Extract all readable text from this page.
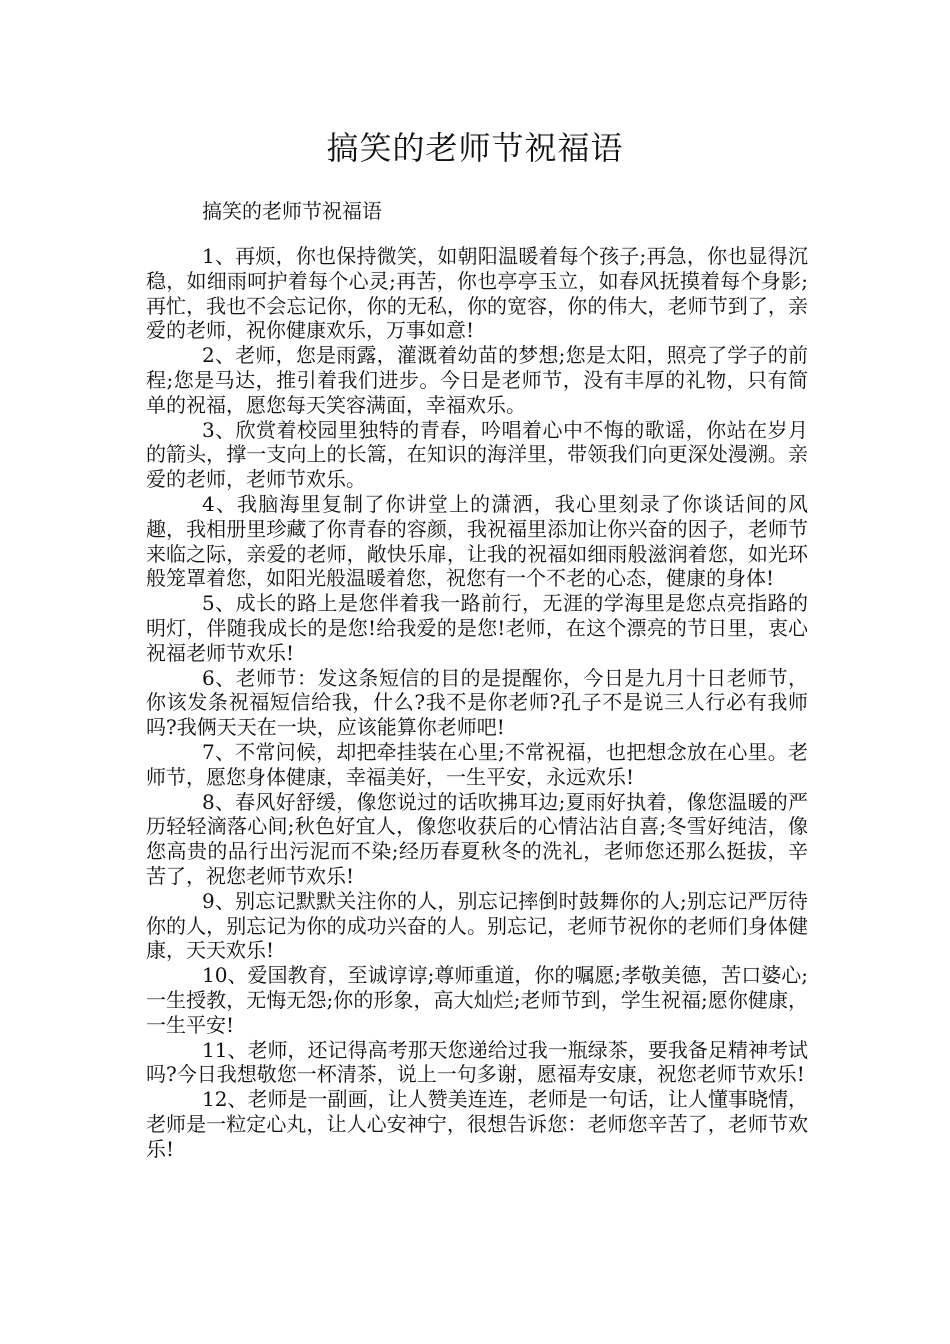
搞笑的老师节祝福语

搞笑的老师节祝福语

1、再烦，你也保持微笑，如朝阳温暖着每个孩子;再急，你也显得沉稳，如细雨呵护着每个心灵;再苦，你也亭亭玉立，如春风抚摸着每个身影;再忙，我也不会忘记你，你的无私，你的宽容，你的伟大，老师节到了，亲爱的老师，祝你健康欢乐，万事如意!

2、老师，您是雨露，灌溉着幼苗的梦想;您是太阳，照亮了学子的前程;您是马达，推引着我们进步。今日是老师节，没有丰厚的礼物，只有简单的祝福，愿您每天笑容满面，幸福欢乐。

3、欣赏着校园里独特的青春，吟唱着心中不悔的歌谣，你站在岁月的箭头，撑一支向上的长篙，在知识的海洋里，带领我们向更深处漫溯。亲爱的老师，老师节欢乐。

4、我脑海里复制了你讲堂上的潇洒，我心里刻录了你谈话间的风趣，我相册里珍藏了你青春的容颜，我祝福里添加让你兴奋的因子，老师节来临之际，亲爱的老师，敞快乐扉，让我的祝福如细雨般滋润着您，如光环般笼罩着您，如阳光般温暖着您，祝您有一个不老的心态，健康的身体!

5、成长的路上是您伴着我一路前行，无涯的学海里是您点亮指路的明灯，伴随我成长的是您!给我爱的是您!老师，在这个漂亮的节日里，衷心祝福老师节欢乐!

6、老师节：发这条短信的目的是提醒你，今日是九月十日老师节，你该发条祝福短信给我，什么?我不是你老师?孔子不是说三人行必有我师吗?我俩天天在一块，应该能算你老师吧!

7、不常问候，却把牵挂装在心里;不常祝福，也把想念放在心里。老师节，愿您身体健康，幸福美好，一生平安，永远欢乐!

8、春风好舒缓，像您说过的话吹拂耳边;夏雨好执着，像您温暖的严历轻轻滴落心间;秋色好宜人，像您收获后的心情沾沾自喜;冬雪好纯洁，像您高贵的品行出污泥而不染;经历春夏秋冬的洗礼，老师您还那么挺拔，辛苦了，祝您老师节欢乐!

9、别忘记默默关注你的人，别忘记摔倒时鼓舞你的人;别忘记严厉待你的人，别忘记为你的成功兴奋的人。别忘记，老师节祝你的老师们身体健康，天天欢乐!

10、爱国教育，至诚谆谆;尊师重道，你的嘱愿;孝敬美德，苦口婆心;一生授教，无悔无怨;你的形象，高大灿烂;老师节到，学生祝福;愿你健康，一生平安!

11、老师，还记得高考那天您递给过我一瓶绿茶，要我备足精神考试吗?今日我想敬您一杯清茶，说上一句多谢，愿福寿安康，祝您老师节欢乐!

12、老师是一副画，让人赞美连连，老师是一句话，让人懂事晓情，老师是一粒定心丸，让人心安神宁，很想告诉您：老师您辛苦了，老师节欢乐!
